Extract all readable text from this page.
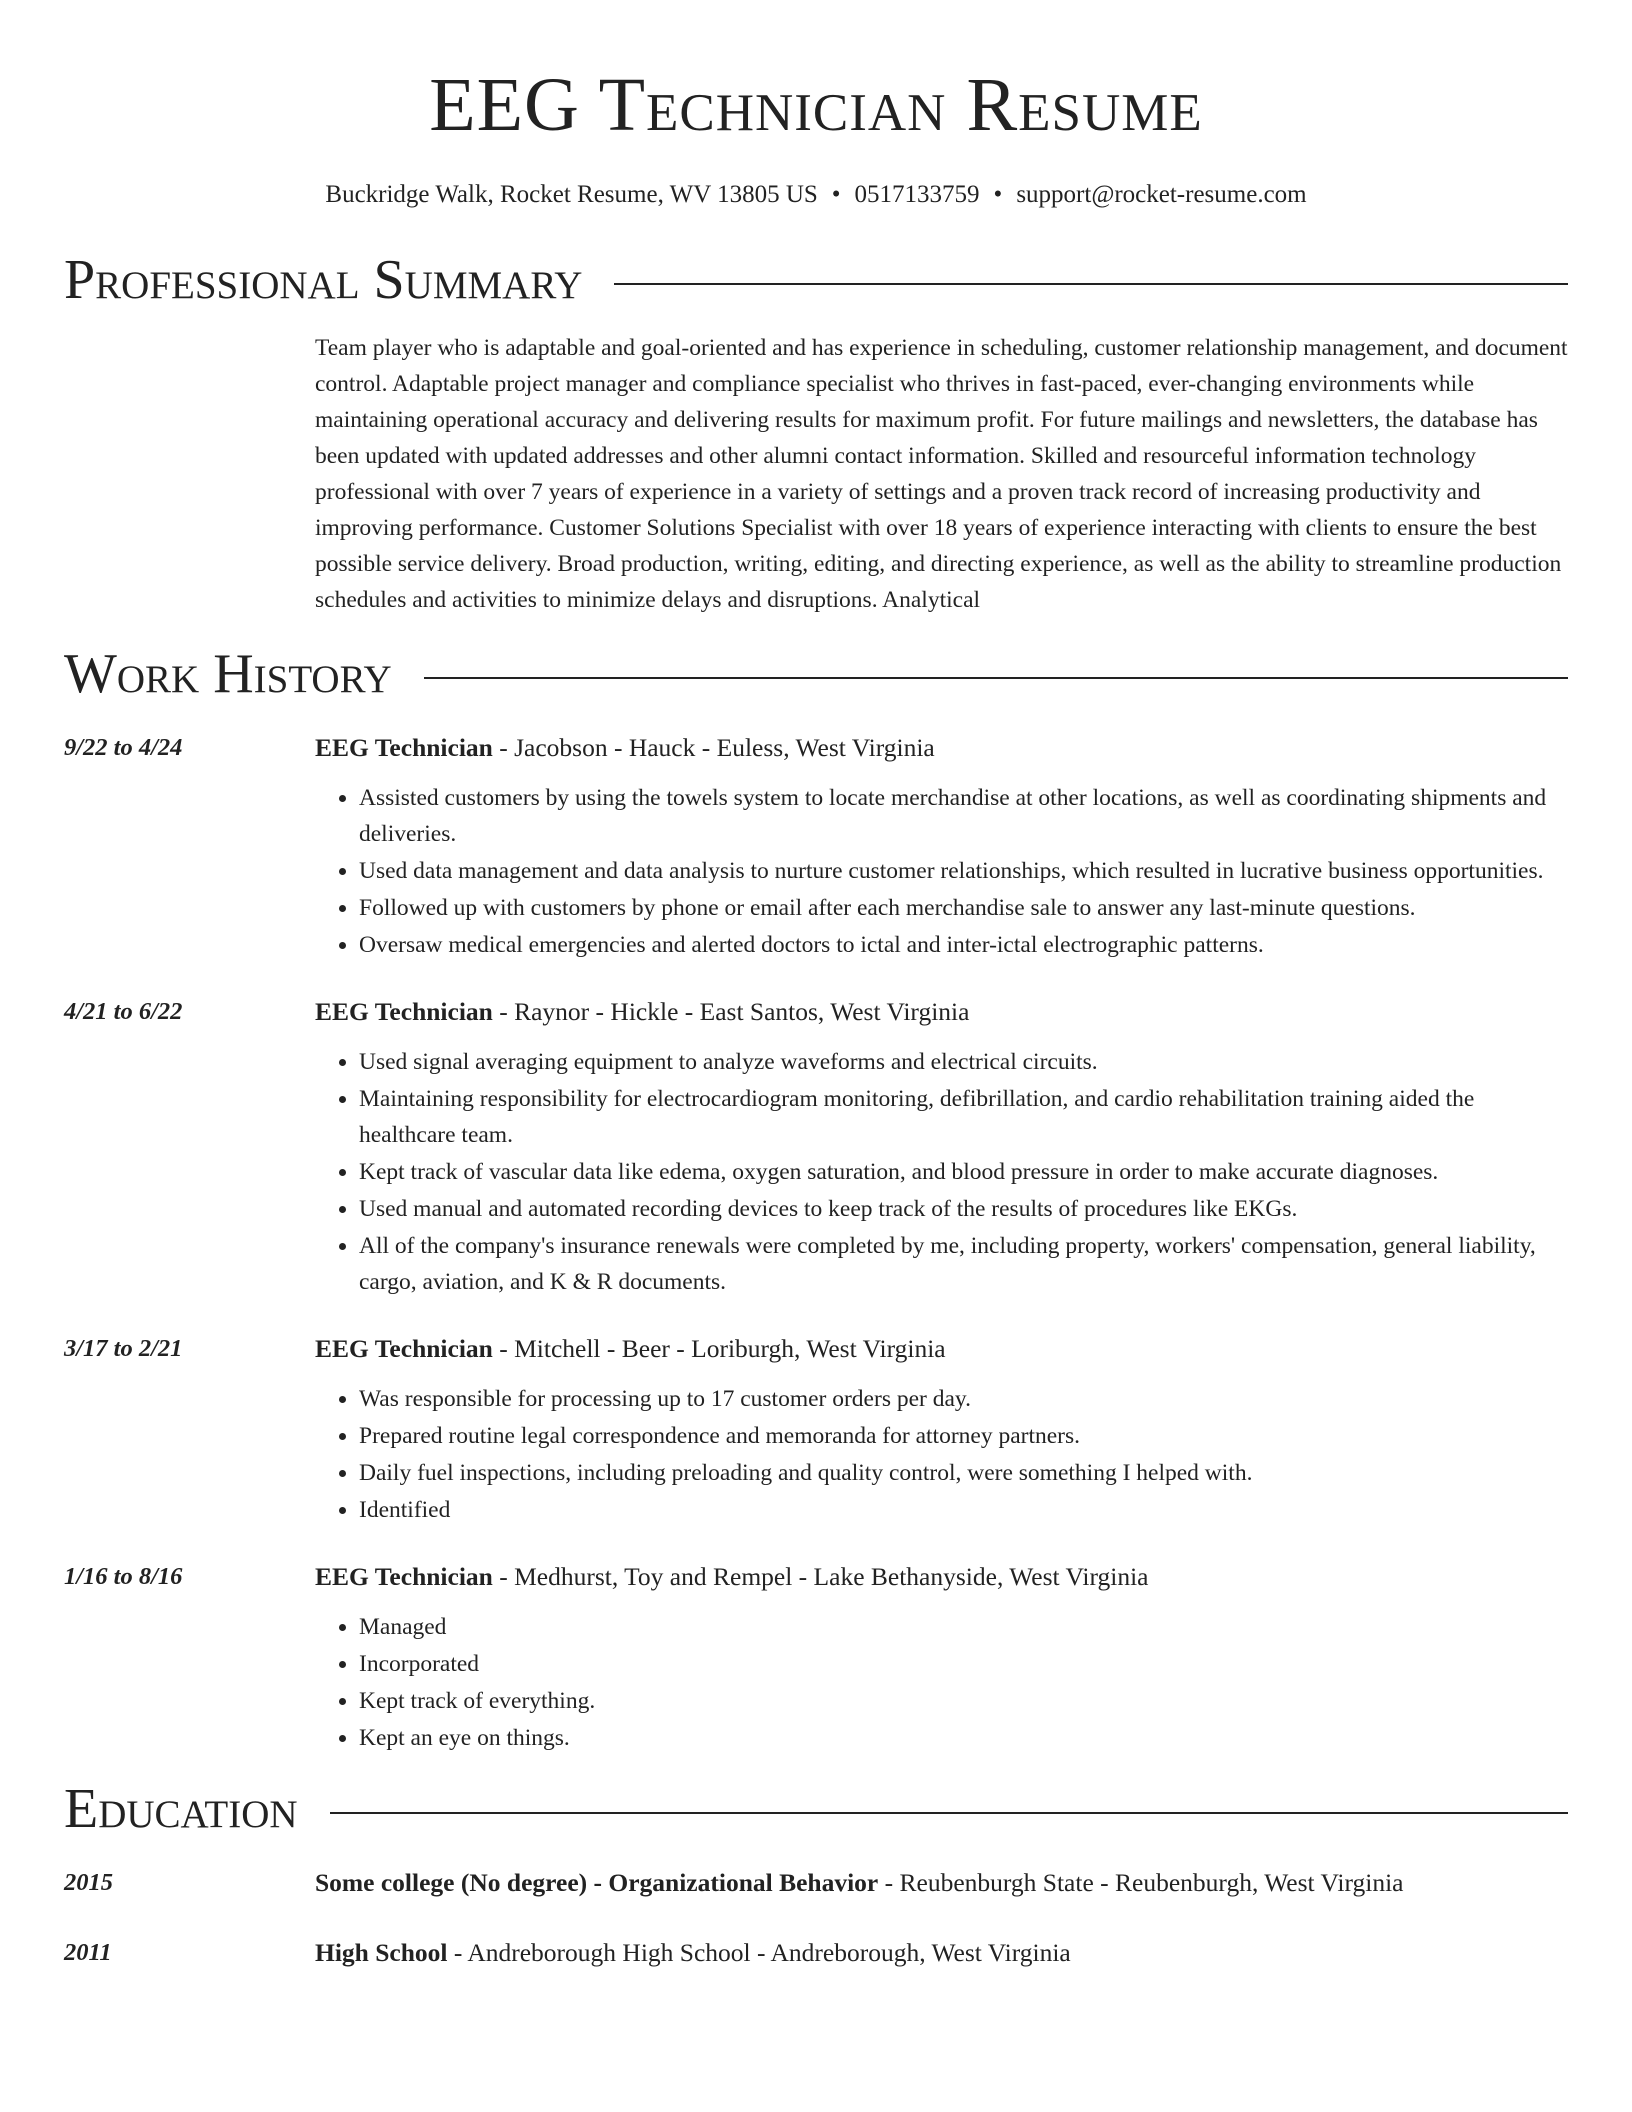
EEG Technician Resume
Buckridge Walk, Rocket Resume, WV 13805 US • 0517133759 • support@rocket-resume.com
Professional Summary
Team player who is adaptable and goal-oriented and has experience in scheduling, customer relationship management, and document control. Adaptable project manager and compliance specialist who thrives in fast-paced, ever-changing environments while maintaining operational accuracy and delivering results for maximum profit. For future mailings and newsletters, the database has been updated with updated addresses and other alumni contact information. Skilled and resourceful information technology professional with over 7 years of experience in a variety of settings and a proven track record of increasing productivity and improving performance. Customer Solutions Specialist with over 18 years of experience interacting with clients to ensure the best possible service delivery. Broad production, writing, editing, and directing experience, as well as the ability to streamline production schedules and activities to minimize delays and disruptions. Analytical
Work History
9/22 to 4/24	EEG Technician - Jacobson - Hauck - Euless, West Virginia
• Assisted customers by using the towels system to locate merchandise at other locations, as well as coordinating shipments and deliveries.
• Used data management and data analysis to nurture customer relationships, which resulted in lucrative business opportunities.
• Followed up with customers by phone or email after each merchandise sale to answer any last-minute questions.
• Oversaw medical emergencies and alerted doctors to ictal and inter-ictal electrographic patterns.
4/21 to 6/22	EEG Technician - Raynor - Hickle - East Santos, West Virginia
• Used signal averaging equipment to analyze waveforms and electrical circuits.
• Maintaining responsibility for electrocardiogram monitoring, defibrillation, and cardio rehabilitation training aided the healthcare team.
• Kept track of vascular data like edema, oxygen saturation, and blood pressure in order to make accurate diagnoses.
• Used manual and automated recording devices to keep track of the results of procedures like EKGs.
• All of the company's insurance renewals were completed by me, including property, workers' compensation, general liability, cargo, aviation, and K & R documents.
3/17 to 2/21	EEG Technician - Mitchell - Beer - Loriburgh, West Virginia
• Was responsible for processing up to 17 customer orders per day.
• Prepared routine legal correspondence and memoranda for attorney partners.
• Daily fuel inspections, including preloading and quality control, were something I helped with.
• Identified
1/16 to 8/16	EEG Technician - Medhurst, Toy and Rempel - Lake Bethanyside, West Virginia
• Managed
• Incorporated
• Kept track of everything.
• Kept an eye on things.
Education
2015	Some college (No degree) - Organizational Behavior - Reubenburgh State - Reubenburgh, West Virginia
2011	High School - Andreborough High School - Andreborough, West Virginia
